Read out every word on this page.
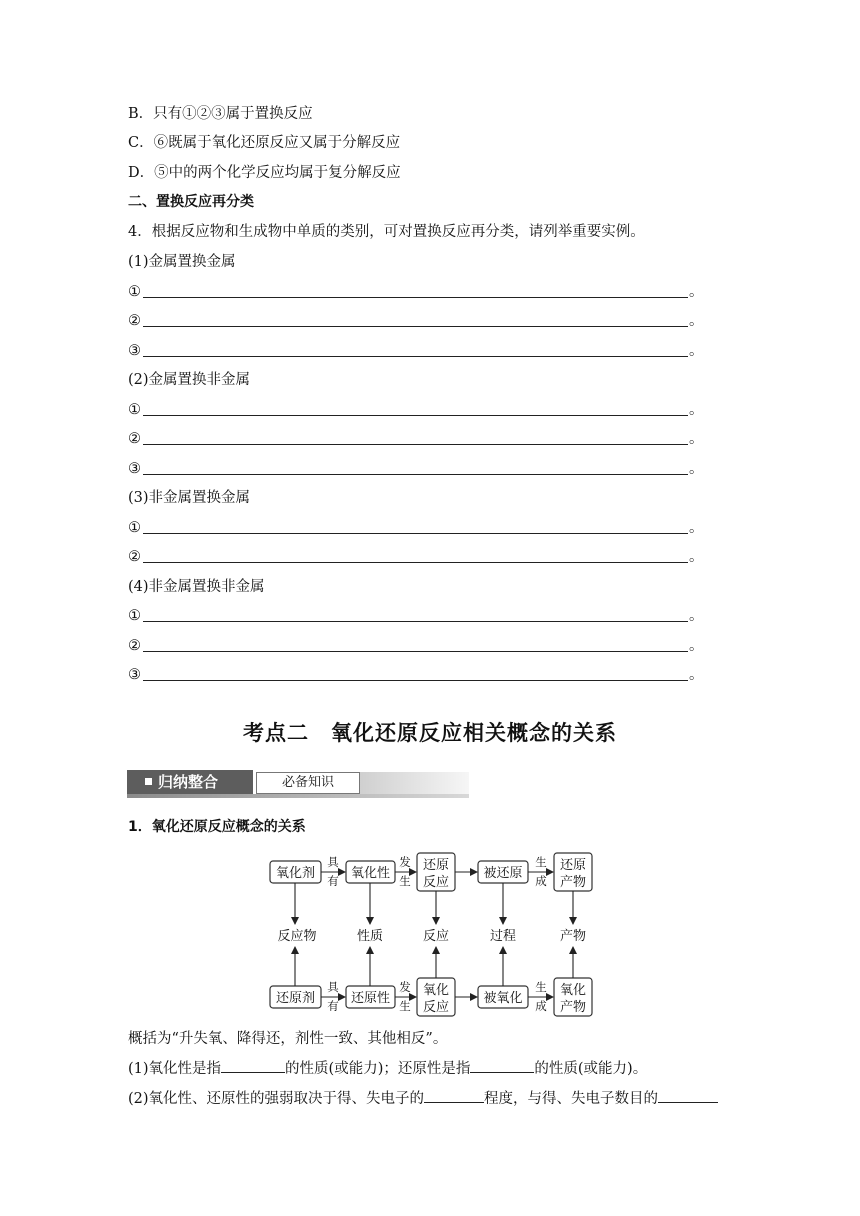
B．只有①②③属于置换反应
C．⑥既属于氧化还原反应又属于分解反应
D．⑤中的两个化学反应均属于复分解反应
二、置换反应再分类
4．根据反应物和生成物中单质的类别，可对置换反应再分类，请列举重要实例。
(1)金属置换金属
①	。
②	。
③	。
(2)金属置换非金属
①	。
②	。
③	。
(3)非金属置换金属
①	。
②	。
(4)非金属置换非金属
①	。
②	。
③	。
考点二　氧化还原反应相关概念的关系
归纳整合	必备知识
1．氧化还原反应概念的关系
氧化剂	氧化性
还原
反应
被还原
还原
产物
具
有
发
生
生
成
反应物	性质	反应	过程	产物
还原剂	还原性
氧化
反应
被氧化
氧化
产物
具
有
发
生
生
成
概括为“升失氧、降得还，剂性一致、其他相反”。
(1)氧化性是指	的性质(或能力)；还原性是指	的性质(或能力)。
(2)氧化性、还原性的强弱取决于得、失电子的	程度，与得、失电子数目的
